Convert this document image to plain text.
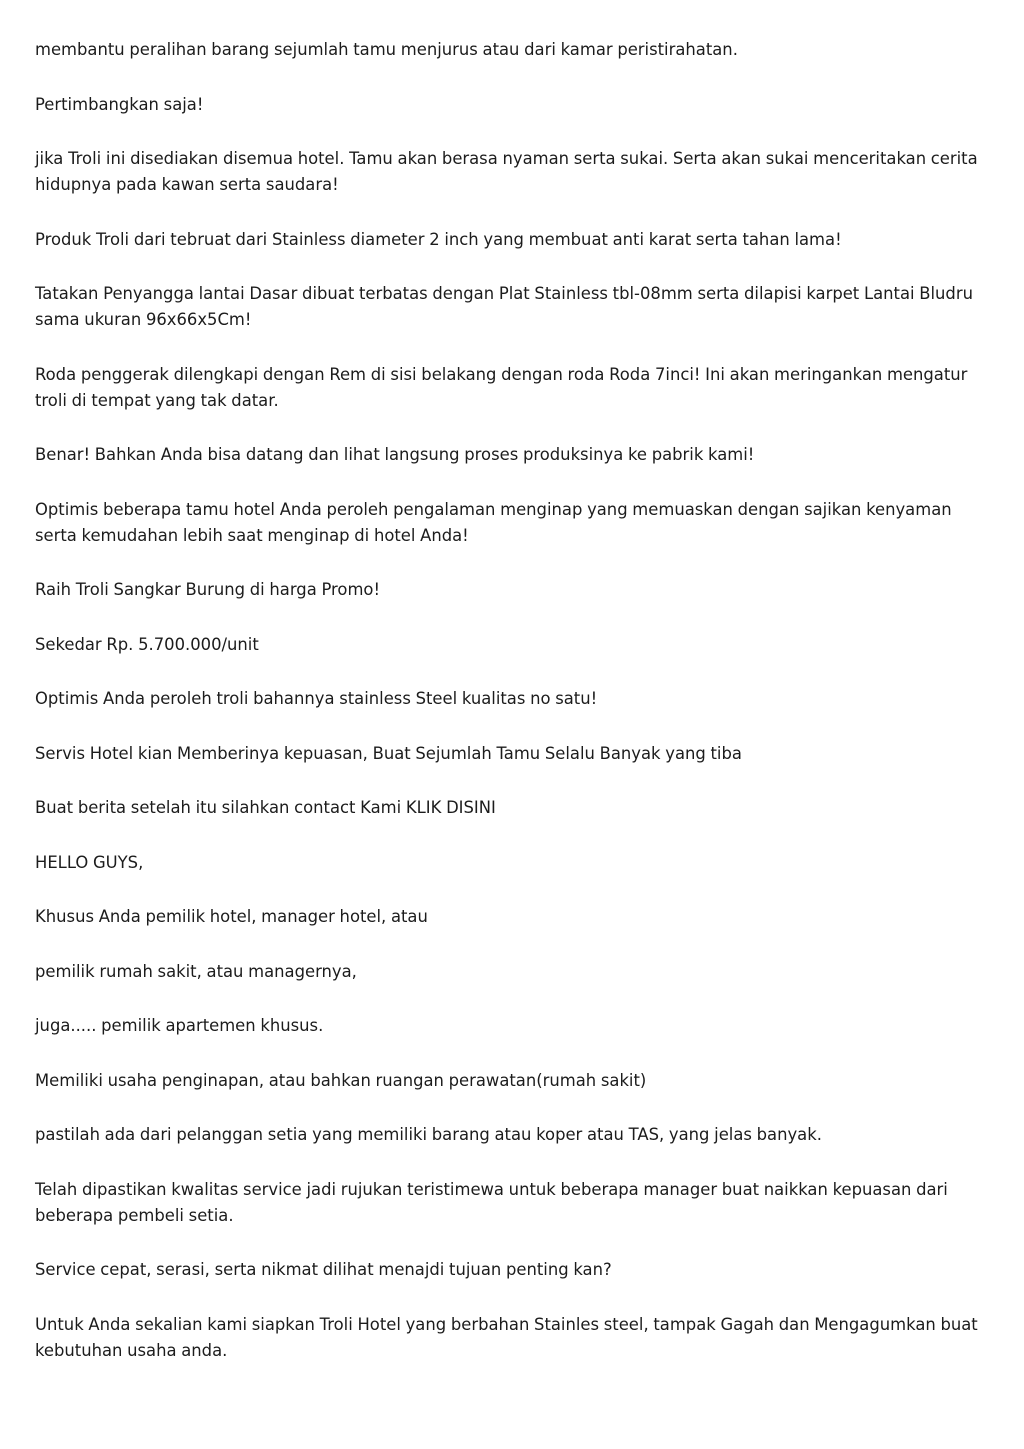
membantu peralihan barang sejumlah tamu menjurus atau dari kamar peristirahatan.

Pertimbangkan saja!

jika Troli ini disediakan disemua hotel. Tamu akan berasa nyaman serta sukai. Serta akan sukai menceritakan cerita hidupnya pada kawan serta saudara!

Produk Troli dari tebruat dari Stainless diameter 2 inch yang membuat anti karat serta tahan lama!

Tatakan Penyangga lantai Dasar dibuat terbatas dengan Plat Stainless tbl-08mm serta dilapisi karpet Lantai Bludru sama ukuran 96x66x5Cm!

Roda penggerak dilengkapi dengan Rem di sisi belakang dengan roda Roda 7inci! Ini akan meringankan mengatur troli di tempat yang tak datar.

Benar! Bahkan Anda bisa datang dan lihat langsung proses produksinya ke pabrik kami!

Optimis beberapa tamu hotel Anda peroleh pengalaman menginap yang memuaskan dengan sajikan kenyaman serta kemudahan lebih saat menginap di hotel Anda!

Raih Troli Sangkar Burung di harga Promo!

Sekedar Rp. 5.700.000/unit

Optimis Anda peroleh troli bahannya stainless Steel kualitas no satu!

Servis Hotel kian Memberinya kepuasan, Buat Sejumlah Tamu Selalu Banyak yang tiba

Buat berita setelah itu silahkan contact Kami KLIK DISINI

HELLO GUYS,

Khusus Anda pemilik hotel, manager hotel, atau

pemilik rumah sakit, atau managernya,

juga..... pemilik apartemen khusus.

Memiliki usaha penginapan, atau bahkan ruangan perawatan(rumah sakit)

pastilah ada dari pelanggan setia yang memiliki barang atau koper atau TAS, yang jelas banyak.

Telah dipastikan kwalitas service jadi rujukan teristimewa untuk beberapa manager buat naikkan kepuasan dari beberapa pembeli setia.

Service cepat, serasi, serta nikmat dilihat menajdi tujuan penting kan?

Untuk Anda sekalian kami siapkan Troli Hotel yang berbahan Stainles steel, tampak Gagah dan Mengagumkan buat kebutuhan usaha anda.
